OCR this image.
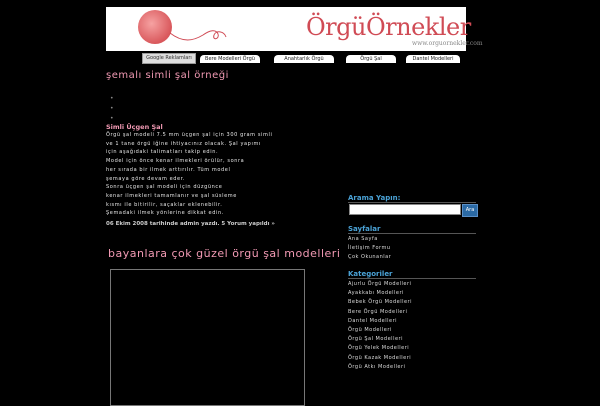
ÖrgüÖrnekler
www.orguornekler.com
Google Reklamları	Bere Modelleri Örgü	Anahtarlık Örgü	Örgü Şal	Dantel Modelleri
şemalı simli şal örneği
•
•
•
Simli Üçgen Şal
Örgü şal modeli 7.5 mm üçgen şal için 300 gram simli
ve 1 tane örgü iğine ihtiyacınız olacak. Şal yapımı
için aşağıdaki talimatları takip edin.
Model için önce kenar ilmekleri örülür, sonra
her sırada bir ilmek arttırılır. Tüm model
şemaya göre devam eder.
Sonra üçgen şal modeli için düzgünce
kenar ilmekleri tamamlanır ve şal süsleme
kısmı ile bitirilir, saçaklar eklenebilir.
Şemadaki ilmek yönlerine dikkat edin.
06 Ekim 2008 tarihinde admin yazdı. 5 Yorum yapıldı »
bayanlara çok güzel örgü şal modelleri
Arama Yapın:
Ara
Sayfalar
Ana Sayfa
İletişim Formu
Çok Okunanlar
Kategoriler
Ajurlu Örgü Modelleri
Ayakkabı Modelleri
Bebek Örgü Modelleri
Bere Örgü Modelleri
Dantel Modelleri
Örgü Modelleri
Örgü Şal Modelleri
Örgü Yelek Modelleri
Örgü Kazak Modelleri
Örgü Atkı Modelleri
